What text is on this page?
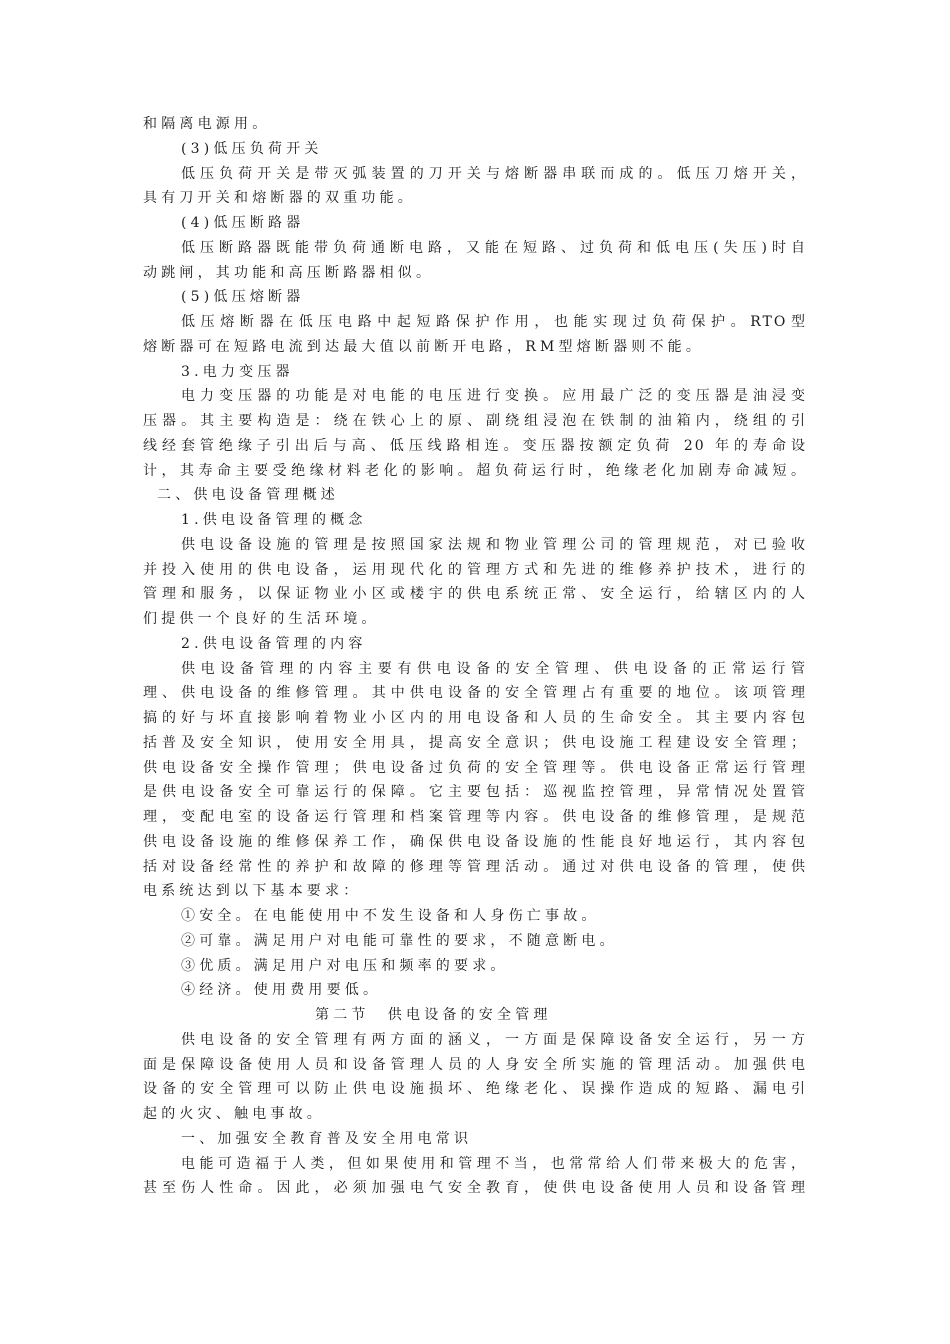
和隔离电源用。
(3)低压负荷开关
低压负荷开关是带灭弧装置的刀开关与熔断器串联而成的。低压刀熔开关，
具有刀开关和熔断器的双重功能。
(4)低压断路器
低压断路器既能带负荷通断电路，又能在短路、过负荷和低电压(失压)时自
动跳闸，其功能和高压断路器相似。
(5)低压熔断器
低压熔断器在低压电路中起短路保护作用，也能实现过负荷保护。RTO型
熔断器可在短路电流到达最大值以前断开电路，RM型熔断器则不能。
3.电力变压器
电力变压器的功能是对电能的电压进行变换。应用最广泛的变压器是油浸变
压器。其主要构造是：绕在铁心上的原、副绕组浸泡在铁制的油箱内，绕组的引
线经套管绝缘子引出后与高、低压线路相连。变压器按额定负荷 20 年的寿命设
计，其寿命主要受绝缘材料老化的影响。超负荷运行时，绝缘老化加剧寿命减短。
二、供电设备管理概述
1.供电设备管理的概念
供电设备设施的管理是按照国家法规和物业管理公司的管理规范，对已验收
并投入使用的供电设备，运用现代化的管理方式和先进的维修养护技术，进行的
管理和服务，以保证物业小区或楼宇的供电系统正常、安全运行，给辖区内的人
们提供一个良好的生活环境。
2.供电设备管理的内容
供电设备管理的内容主要有供电设备的安全管理、供电设备的正常运行管
理、供电设备的维修管理。其中供电设备的安全管理占有重要的地位。该项管理
搞的好与坏直接影响着物业小区内的用电设备和人员的生命安全。其主要内容包
括普及安全知识，使用安全用具，提高安全意识；供电设施工程建设安全管理；
供电设备安全操作管理；供电设备过负荷的安全管理等。供电设备正常运行管理
是供电设备安全可靠运行的保障。它主要包括：巡视监控管理，异常情况处置管
理，变配电室的设备运行管理和档案管理等内容。供电设备的维修管理，是规范
供电设备设施的维修保养工作，确保供电设备设施的性能良好地运行，其内容包
括对设备经常性的养护和故障的修理等管理活动。通过对供电设备的管理，使供
电系统达到以下基本要求：
①安全。在电能使用中不发生设备和人身伤亡事故。
②可靠。满足用户对电能可靠性的要求，不随意断电。
③优质。满足用户对电压和频率的要求。
④经济。使用费用要低。
第二节　供电设备的安全管理
供电设备的安全管理有两方面的涵义，一方面是保障设备安全运行，另一方
面是保障设备使用人员和设备管理人员的人身安全所实施的管理活动。加强供电
设备的安全管理可以防止供电设施损坏、绝缘老化、误操作造成的短路、漏电引
起的火灾、触电事故。
一、加强安全教育普及安全用电常识
电能可造福于人类，但如果使用和管理不当，也常常给人们带来极大的危害，
甚至伤人性命。因此，必须加强电气安全教育，使供电设备使用人员和设备管理
